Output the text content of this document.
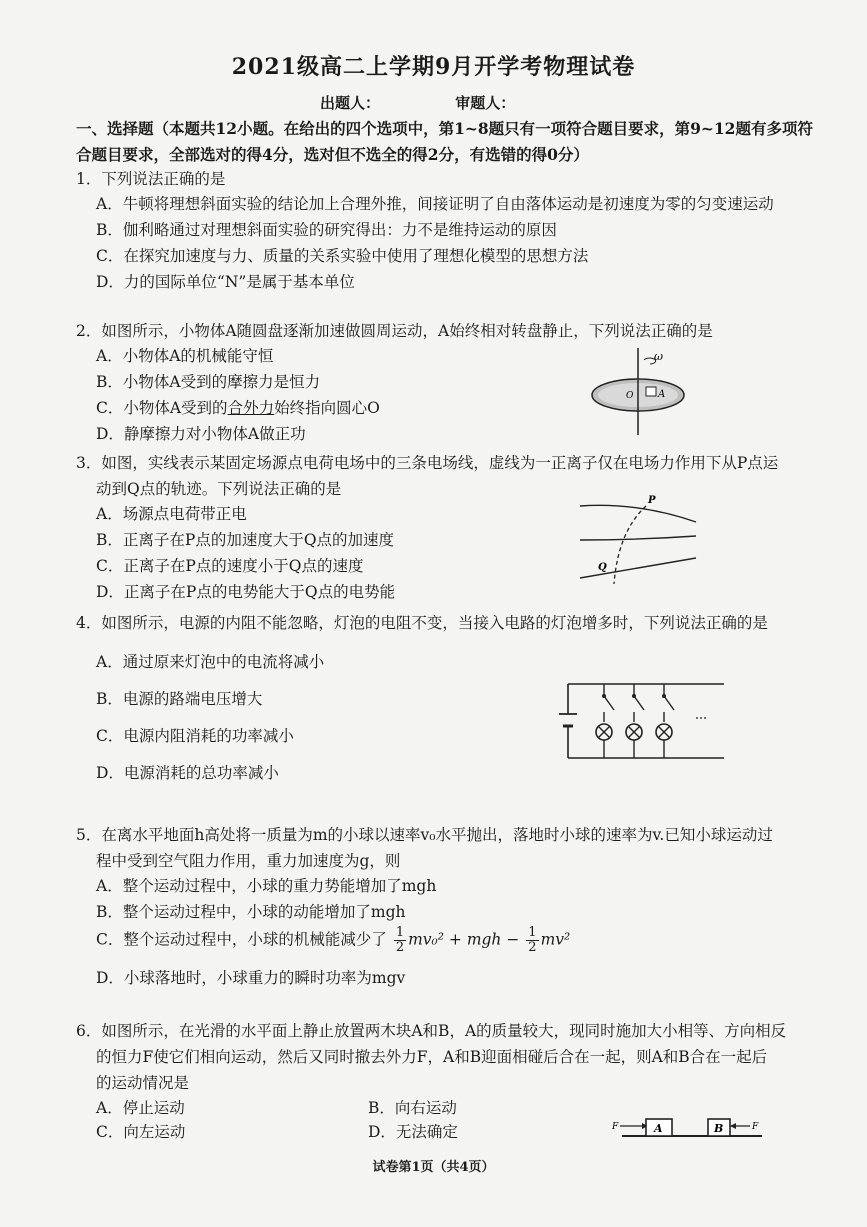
2021级高二上学期9月开学考物理试卷
出题人：	审题人：
一、选择题（本题共12小题。在给出的四个选项中，第1~8题只有一项符合题目要求，第9~12题有多项符合题目要求，全部选对的得4分，选对但不选全的得2分，有选错的得0分）
1．下列说法正确的是
A．牛顿将理想斜面实验的结论加上合理外推，间接证明了自由落体运动是初速度为零的匀变速运动
B．伽利略通过对理想斜面实验的研究得出：力不是维持运动的原因
C．在探究加速度与力、质量的关系实验中使用了理想化模型的思想方法
D．力的国际单位“N”是属于基本单位
2．如图所示，小物体A随圆盘逐渐加速做圆周运动，A始终相对转盘静止，下列说法正确的是
A．小物体A的机械能守恒
B．小物体A受到的摩擦力是恒力
C．小物体A受到的合外力始终指向圆心O
D．静摩擦力对小物体A做正功
ω
O A
3．如图，实线表示某固定场源点电荷电场中的三条电场线，虚线为一正离子仅在电场力作用下从P点运
动到Q点的轨迹。下列说法正确的是
A．场源点电荷带正电
B．正离子在P点的加速度大于Q点的加速度
C．正离子在P点的速度小于Q点的速度
D．正离子在P点的电势能大于Q点的电势能
P
Q
4．如图所示，电源的内阻不能忽略，灯泡的电阻不变，当接入电路的灯泡增多时，下列说法正确的是
A．通过原来灯泡中的电流将减小
B．电源的路端电压增大
C．电源内阻消耗的功率减小
D．电源消耗的总功率减小
5．在离水平地面h高处将一质量为m的小球以速率v₀水平抛出，落地时小球的速率为v.已知小球运动过
程中受到空气阻力作用，重力加速度为g，则
A．整个运动过程中，小球的重力势能增加了mgh
B．整个运动过程中，小球的动能增加了mgh
C．整个运动过程中，小球的机械能减少了 $\frac{1}{2} mv_0^2$ + mgh − $\frac{1}{2} mv^2$
D．小球落地时，小球重力的瞬时功率为mgv
6．如图所示，在光滑的水平面上静止放置两木块A和B，A的质量较大，现同时施加大小相等、方向相反
的恒力F使它们相向运动，然后又同时撤去外力F，A和B迎面相碰后合在一起，则A和B合在一起后
的运动情况是
A．停止运动	B．向右运动
C．向左运动	D．无法确定	F	A	B	F
试卷第1页（共4页）
